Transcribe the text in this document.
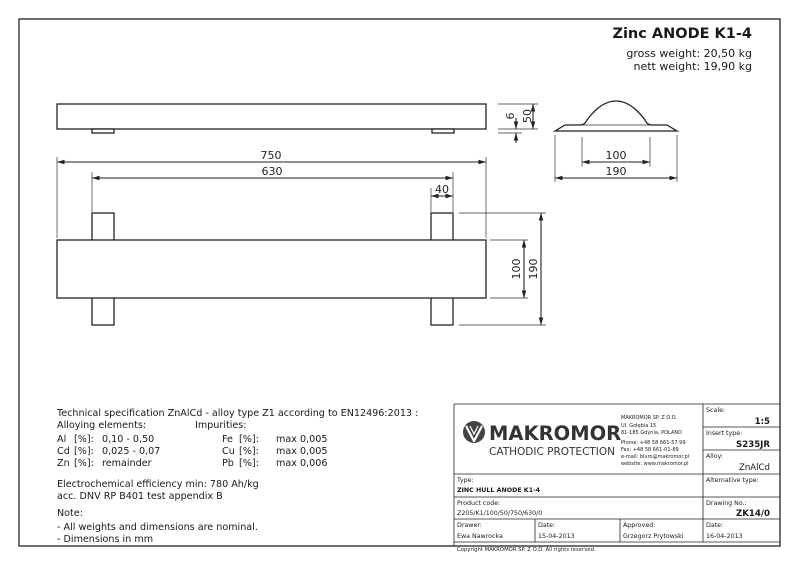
Zinc ANODE K1-4
gross weight: 20,50 kg
nett weight: 19,90 kg
6 50
100
190
750
630
40
100 190
Technical specification ZnAlCd - alloy type Z1 according to EN12496:2013 :
Alloying elements:	Impurities:
Al [%]: 0,10 - 0,50
Cd [%]: 0,025 - 0,07
Zn [%]: remainder
Fe [%]: max 0,005
Cu [%]: max 0,005
Pb [%]: max 0,006
Electrochemical efficiency min: 780 Ah/kg
acc. DNV RP B401 test appendix B
Note:
- All weights and dimensions are nominal.
- Dimensions in mm
MAKROMOR
CATHODIC PROTECTION
MAKROMOR SP. Z O.O.
Ul. Gołębia 15
81-185 Gdynia, POLAND
Phone: +48 58 661-57 99
Fax: +48 58 661-01-89
e-mail: biuro@makromor.pl
website: www.makromor.pl
Scale:
1:5
Insert type:
S235JR
Alloy:
ZnAlCd
Type:
ZINC HULL ANODE K1-4
Alternative type:
Product code:
Z205/K1/100/50/750/630/0
Drawing No.:
ZK14/0
Drawer:
Ewa Nawrocka
Date:
15-04-2013
Approved:
Grzegorz Prytowski
Date:
16-04-2013
Copyright MAKROMOR SP. Z O.O. All rights reserved.
